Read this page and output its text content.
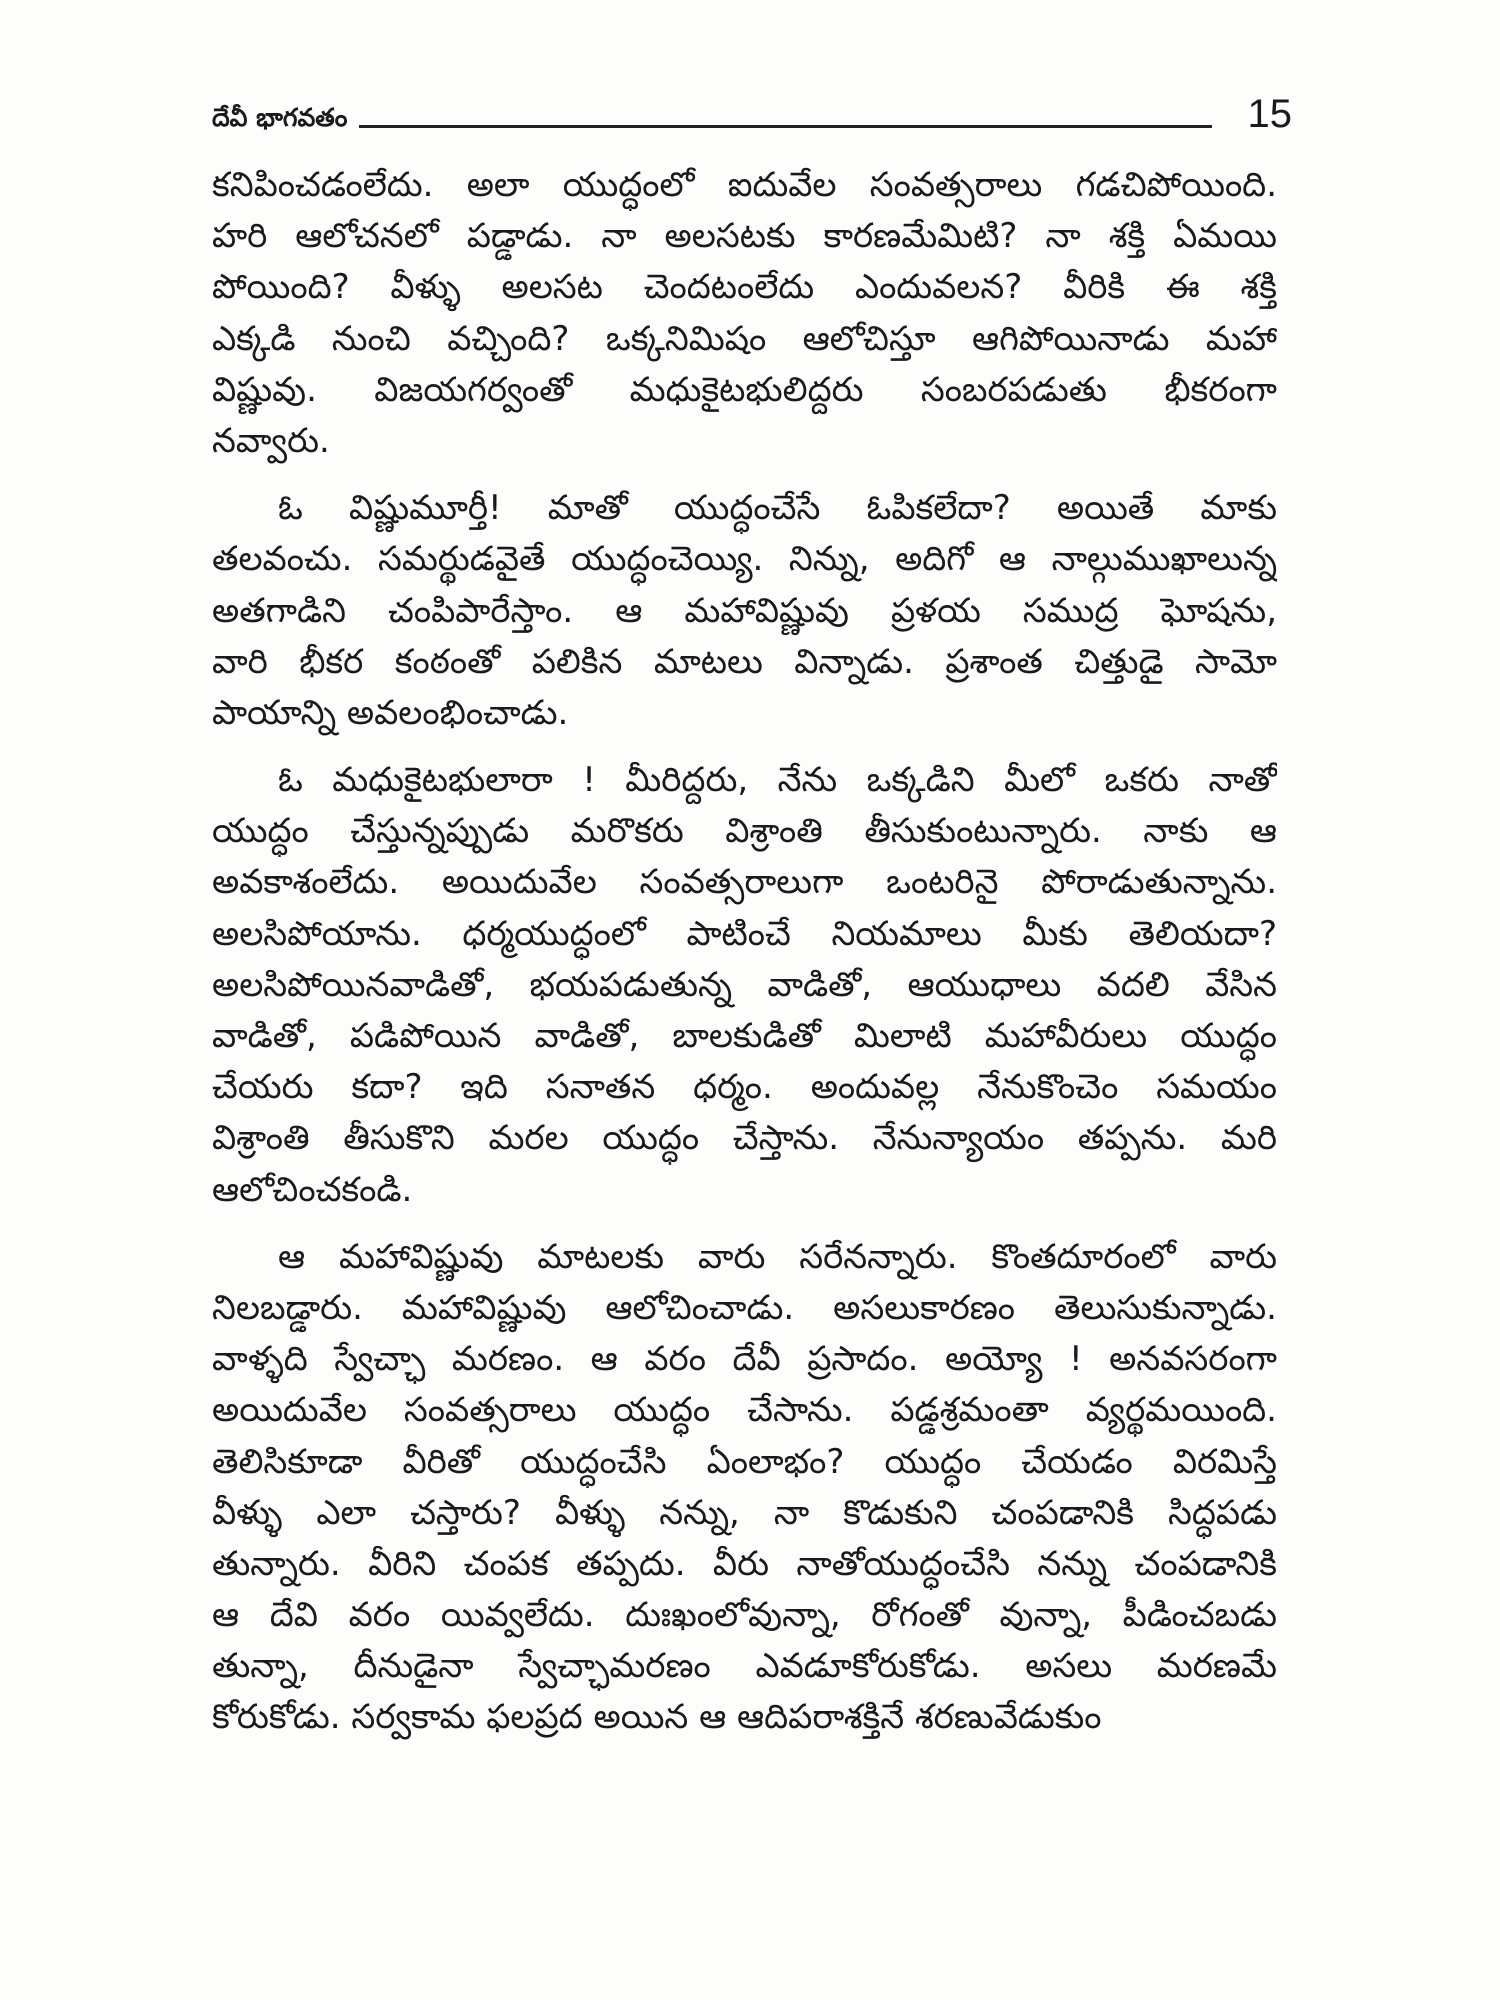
దేవీ భాగవతం	15
కనిపించడంలేదు. అలా యుద్ధంలో ఐదువేల సంవత్సరాలు గడచిపోయింది.
హరి ఆలోచనలో పడ్డాడు. నా అలసటకు కారణమేమిటి? నా శక్తి ఏమయి
పోయింది? వీళ్ళు అలసట చెందటంలేదు ఎందువలన? వీరికి ఈ శక్తి
ఎక్కడి నుంచి వచ్చింది? ఒక్కనిమిషం ఆలోచిస్తూ ఆగిపోయినాడు మహా
విష్ణువు. విజయగర్వంతో మధుకైటభులిద్దరు సంబరపడుతు భీకరంగా
నవ్వారు.
ఓ విష్ణుమూర్తీ! మాతో యుద్ధంచేసే ఓపికలేదా? అయితే మాకు
తలవంచు. సమర్థుడవైతే యుద్ధంచెయ్యి. నిన్ను, అదిగో ఆ నాల్గుముఖాలున్న
అతగాడిని చంపిపారేస్తాం. ఆ మహావిష్ణువు ప్రళయ సముద్ర ఘోషను,
వారి భీకర కంఠంతో పలికిన మాటలు విన్నాడు. ప్రశాంత చిత్తుడై సామో
పాయాన్ని అవలంభించాడు.
ఓ మధుకైటభులారా ! మీరిద్దరు, నేను ఒక్కడిని మీలో ఒకరు నాతో
యుద్ధం చేస్తున్నప్పుడు మరొకరు విశ్రాంతి తీసుకుంటున్నారు. నాకు ఆ
అవకాశంలేదు. అయిదువేల సంవత్సరాలుగా ఒంటరినై పోరాడుతున్నాను.
అలసిపోయాను. ధర్మయుద్ధంలో పాటించే నియమాలు మీకు తెలియదా?
అలసిపోయినవాడితో, భయపడుతున్న వాడితో, ఆయుధాలు వదలి వేసిన
వాడితో, పడిపోయిన వాడితో, బాలకుడితో మిలాటి మహావీరులు యుద్ధం
చేయరు కదా? ఇది సనాతన ధర్మం. అందువల్ల నేనుకొంచెం సమయం
విశ్రాంతి తీసుకొని మరల యుద్ధం చేస్తాను. నేనున్యాయం తప్పను. మరి
ఆలోచించకండి.
ఆ మహావిష్ణువు మాటలకు వారు సరేనన్నారు. కొంతదూరంలో వారు
నిలబడ్డారు. మహావిష్ణువు ఆలోచించాడు. అసలుకారణం తెలుసుకున్నాడు.
వాళ్ళది స్వేచ్ఛా మరణం. ఆ వరం దేవీ ప్రసాదం. అయ్యో ! అనవసరంగా
అయిదువేల సంవత్సరాలు యుద్ధం చేసాను. పడ్డశ్రమంతా వ్యర్థమయింది.
తెలిసికూడా వీరితో యుద్ధంచేసి ఏంలాభం? యుద్ధం చేయడం విరమిస్తే
వీళ్ళు ఎలా చస్తారు? వీళ్ళు నన్ను, నా కొడుకుని చంపడానికి సిద్ధపడు
తున్నారు. వీరిని చంపక తప్పదు. వీరు నాతోయుద్ధంచేసి నన్ను చంపడానికి
ఆ దేవి వరం యివ్వలేదు. దుఃఖంలోవున్నా, రోగంతో వున్నా, పీడించబడు
తున్నా, దీనుడైనా స్వేచ్ఛామరణం ఎవడూకోరుకోడు. అసలు మరణమే
కోరుకోడు. సర్వకామ ఫలప్రద అయిన ఆ ఆదిపరాశక్తినే శరణువేడుకుం
